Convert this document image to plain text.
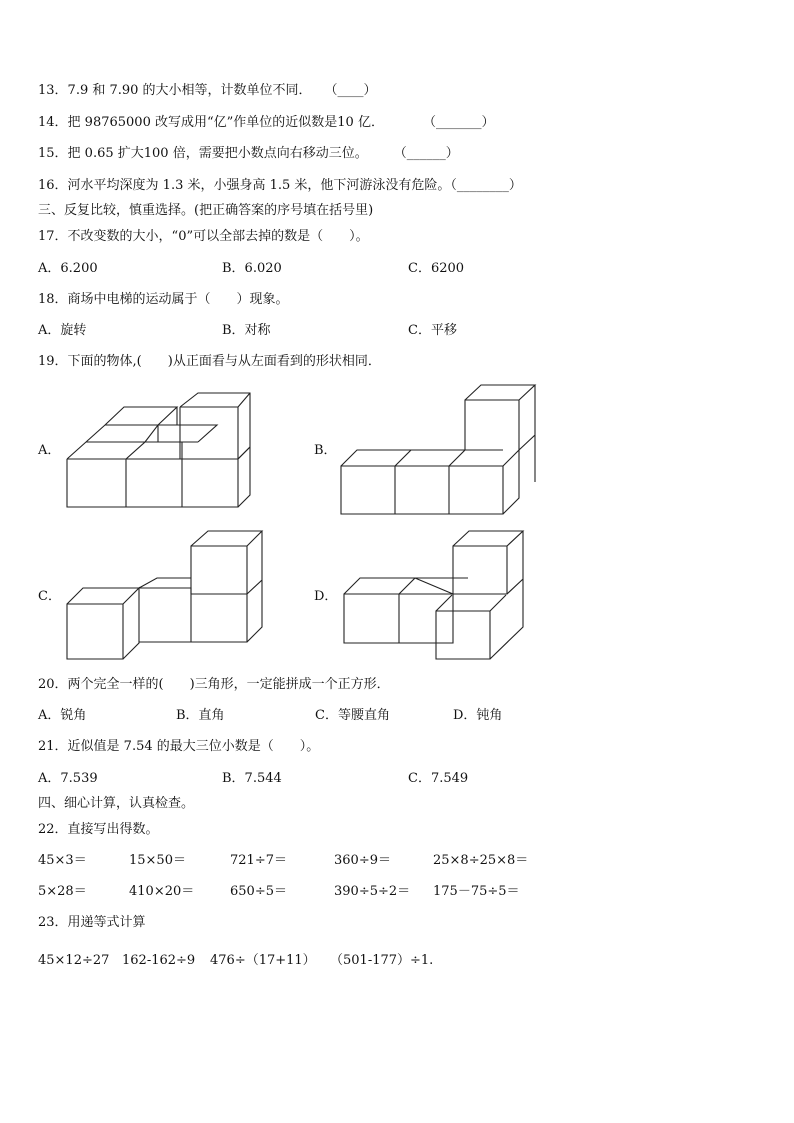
13．7.9 和 7.90 的大小相等，计数单位不同．　　（____）
14．把 98765000 改写成用“亿”作单位的近似数是10 亿．　　　　（_______）
15．把 0.65 扩大100 倍，需要把小数点向右移动三位。　　　（______）
16．河水平均深度为 1.3 米，小强身高 1.5 米，他下河游泳没有危险。（________）
三、反复比较，慎重选择。(把正确答案的序号填在括号里)
17．不改变数的大小，“0”可以全部去掉的数是（　　）。
A．6.200	B．6.020	C．6200
18．商场中电梯的运动属于（　　）现象。
A．旋转	B．对称	C．平移
19．下面的物体,(　　)从正面看与从左面看到的形状相同．
A．	B．
C．	D．
20．两个完全一样的(　　)三角形，一定能拼成一个正方形．
A．锐角	B．直角	C．等腰直角	D．钝角
21．近似值是 7.54 的最大三位小数是（　　）。
A．7.539	B．7.544	C．7.549
四、细心计算，认真检查。
22．直接写出得数。
45×3＝	15×50＝	721÷7＝	360÷9＝	25×8÷25×8＝
5×28＝	410×20＝	650÷5＝	390÷5÷2＝ 175－75÷5＝
23．用递等式计算
45×12÷27 162-162÷9 476÷（17+11） （501-177）÷1.
